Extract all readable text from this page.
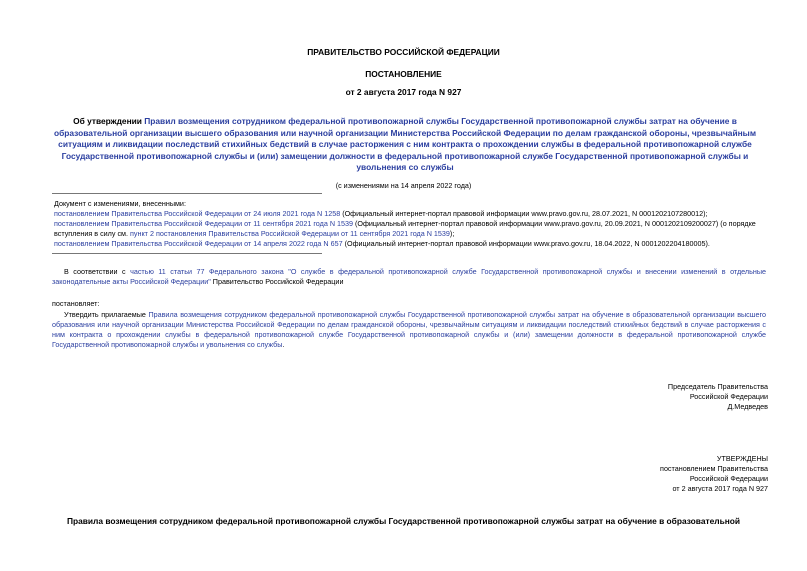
ПРАВИТЕЛЬСТВО РОССИЙСКОЙ ФЕДЕРАЦИИ
ПОСТАНОВЛЕНИЕ
от 2 августа 2017 года N 927
Об утверждении Правил возмещения сотрудником федеральной противопожарной службы Государственной противопожарной службы затрат на обучение в образовательной организации высшего образования или научной организации Министерства Российской Федерации по делам гражданской обороны, чрезвычайным ситуациям и ликвидации последствий стихийных бедствий в случае расторжения с ним контракта о прохождении службы в федеральной противопожарной службе Государственной противопожарной службы и (или) замещении должности в федеральной противопожарной службе Государственной противопожарной службы и увольнения со службы
(с изменениями на 14 апреля 2022 года)

Документ с изменениями, внесенными:

постановлением Правительства Российской Федерации от 24 июля 2021 года N 1258 (Официальный интернет-портал правовой информации www.pravo.gov.ru, 28.07.2021, N 0001202107280012);

постановлением Правительства Российской Федерации от 11 сентября 2021 года N 1539 (Официальный интернет-портал правовой информации www.pravo.gov.ru, 20.09.2021, N 0001202109200027) (о порядке вступления в силу см. пункт 2 постановления Правительства Российской Федерации от 11 сентября 2021 года N 1539);

постановлением Правительства Российской Федерации от 14 апреля 2022 года N 657 (Официальный интернет-портал правовой информации www.pravo.gov.ru, 18.04.2022, N 0001202204180005).

В соответствии с частью 11 статьи 77 Федерального закона "О службе в федеральной противопожарной службе Государственной противопожарной службы и внесении изменений в отдельные законодательные акты Российской Федерации" Правительство Российской Федерации
постановляет:
Утвердить прилагаемые Правила возмещения сотрудником федеральной противопожарной службы Государственной противопожарной службы затрат на обучение в образовательной организации высшего образования или научной организации Министерства Российской Федерации по делам гражданской обороны, чрезвычайным ситуациям и ликвидации последствий стихийных бедствий в случае расторжения с ним контракта о прохождении службы в федеральной противопожарной службе Государственной противопожарной службы и (или) замещении должности в федеральной противопожарной службе Государственной противопожарной службы и увольнения со службы.

Председатель Правительства

Российской Федерации

Д.Медведев

УТВЕРЖДЕНЫ

постановлением Правительства

Российской Федерации

от 2 августа 2017 года N 927

Правила возмещения сотрудником федеральной противопожарной службы Государственной противопожарной службы затрат на обучение в образовательной
